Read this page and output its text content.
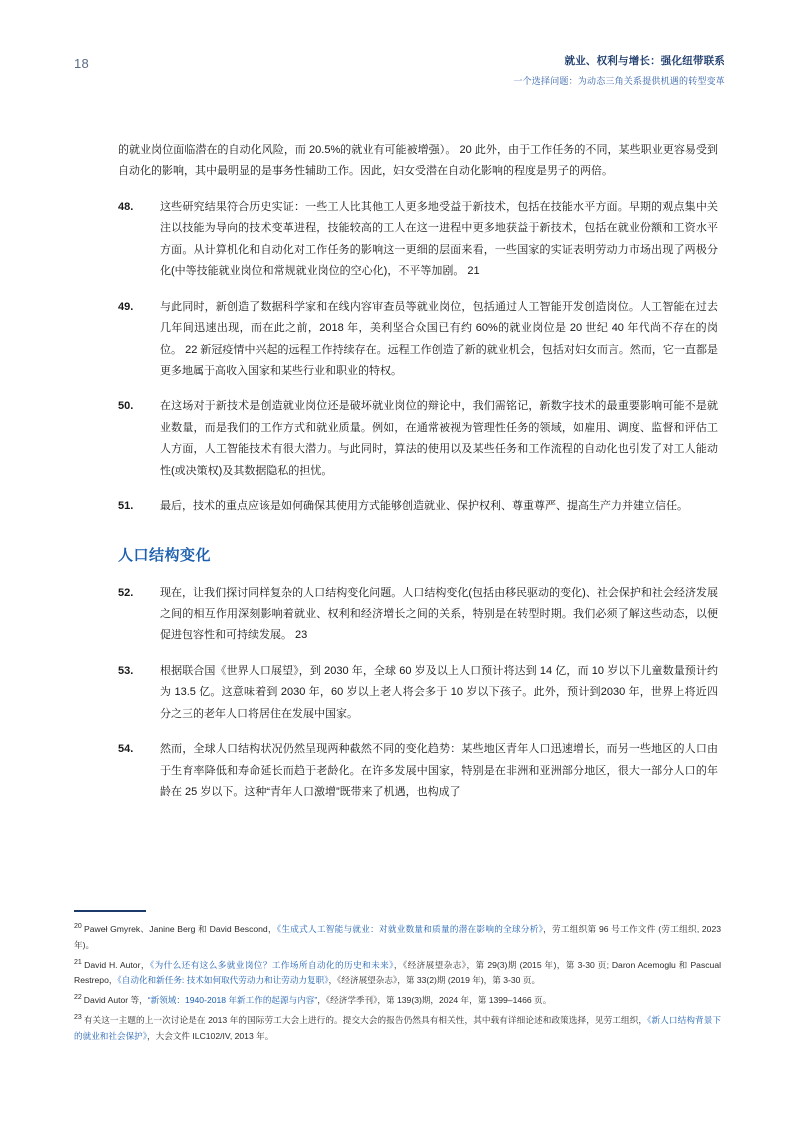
18	就业、权利与增长：强化纽带联系
一个选择问题：为动态三角关系提供机遇的转型变革
的就业岗位面临潜在的自动化风险，而 20.5%的就业有可能被增强）。 20 此外，由于工作任务的不同，某些职业更容易受到自动化的影响，其中最明显的是事务性辅助工作。因此，妇女受潜在自动化影响的程度是男子的两倍。
48.	这些研究结果符合历史实证：一些工人比其他工人更多地受益于新技术，包括在技能水平方面。早期的观点集中关注以技能为导向的技术变革进程，技能较高的工人在这一进程中更多地获益于新技术，包括在就业份额和工资水平方面。从计算机化和自动化对工作任务的影响这一更细的层面来看，一些国家的实证表明劳动力市场出现了两极分化(中等技能就业岗位和常规就业岗位的空心化)，不平等加剧。 21
49.	与此同时，新创造了数据科学家和在线内容审查员等就业岗位，包括通过人工智能开发创造岗位。人工智能在过去几年间迅速出现，而在此之前，2018 年，美利坚合众国已有约 60%的就业岗位是 20 世纪 40 年代尚不存在的岗位。 22 新冠疫情中兴起的远程工作持续存在。远程工作创造了新的就业机会，包括对妇女而言。然而，它一直都是更多地属于高收入国家和某些行业和职业的特权。
50.	在这场对于新技术是创造就业岗位还是破坏就业岗位的辩论中，我们需铭记，新数字技术的最重要影响可能不是就业数量，而是我们的工作方式和就业质量。例如，在通常被视为管理性任务的领域，如雇用、调度、监督和评估工人方面，人工智能技术有很大潜力。与此同时，算法的使用以及某些任务和工作流程的自动化也引发了对工人能动性(或决策权)及其数据隐私的担忧。
51.	最后，技术的重点应该是如何确保其使用方式能够创造就业、保护权利、尊重尊严、提高生产力并建立信任。
人口结构变化
52.	现在，让我们探讨同样复杂的人口结构变化问题。人口结构变化(包括由移民驱动的变化)、社会保护和社会经济发展之间的相互作用深刻影响着就业、权利和经济增长之间的关系，特别是在转型时期。我们必须了解这些动态，以便促进包容性和可持续发展。 23
53.	根据联合国《世界人口展望》，到 2030 年，全球 60 岁及以上人口预计将达到 14 亿，而 10 岁以下儿童数量预计约为 13.5 亿。这意味着到 2030 年，60 岁以上老人将会多于 10 岁以下孩子。此外，预计到2030 年，世界上将近四分之三的老年人口将居住在发展中国家。
54.	然而，全球人口结构状况仍然呈现两种截然不同的变化趋势：某些地区青年人口迅速增长，而另一些地区的人口由于生育率降低和寿命延长而趋于老龄化。在许多发展中国家，特别是在非洲和亚洲部分地区，很大一部分人口的年龄在 25 岁以下。这种“青年人口激增”既带来了机遇，也构成了
$^{20}$ Paweł Gmyrek、Janine Berg 和 David Bescond，《生成式人工智能与就业：对就业数量和质量的潜在影响的全球分析》，劳工组织第 96 号工作文件 (劳工组织, 2023 年)。
$^{21}$ David H. Autor，《为什么还有这么多就业岗位？工作场所自动化的历史和未来》，《经济展望杂志》，第 29(3)期 (2015 年)，第 3-30 页; Daron Acemoglu 和 Pascual Restrepo，《自动化和新任务: 技术如何取代劳动力和让劳动力复职》，《经济展望杂志》，第 33(2)期 (2019 年)，第 3-30 页。
$^{22}$ David Autor 等，“新领域：1940-2018 年新工作的起源与内容”，《经济学季刊》，第 139(3)期，2024 年，第 1399–1466 页。
$^{23}$ 有关这一主题的上一次讨论是在 2013 年的国际劳工大会上进行的。提交大会的报告仍然具有相关性，其中载有详细论述和政策选择，见劳工组织，《新人口结构背景下的就业和社会保护》，大会文件 ILC102/IV, 2013 年。
